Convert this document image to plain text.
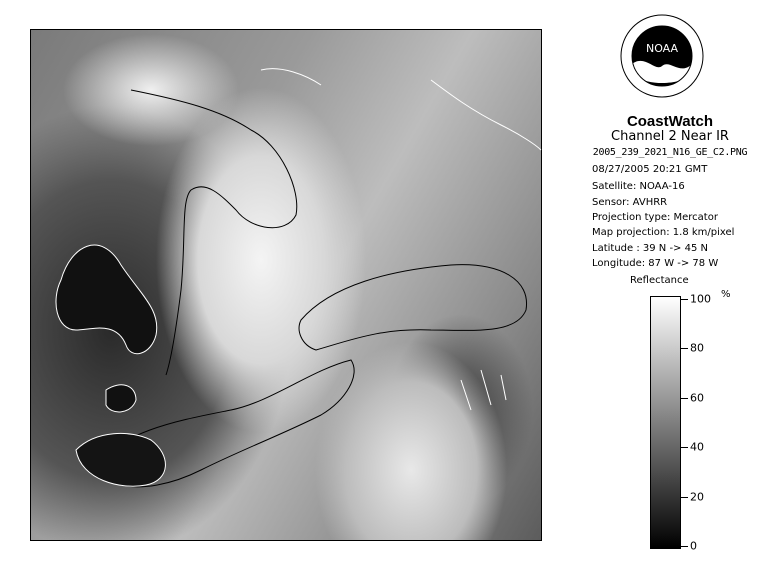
NOAA
CoastWatch
Channel 2 Near IR
2005_239_2021_N16_GE_C2.PNG
08/27/2005 20:21 GMT
Satellite: NOAA-16
Sensor: AVHRR
Projection type: Mercator
Map projection: 1.8 km/pixel
Latitude : 39 N -> 45 N
Longitude: 87 W -> 78 W
Reflectance
%
100
80
60
40
20
0
